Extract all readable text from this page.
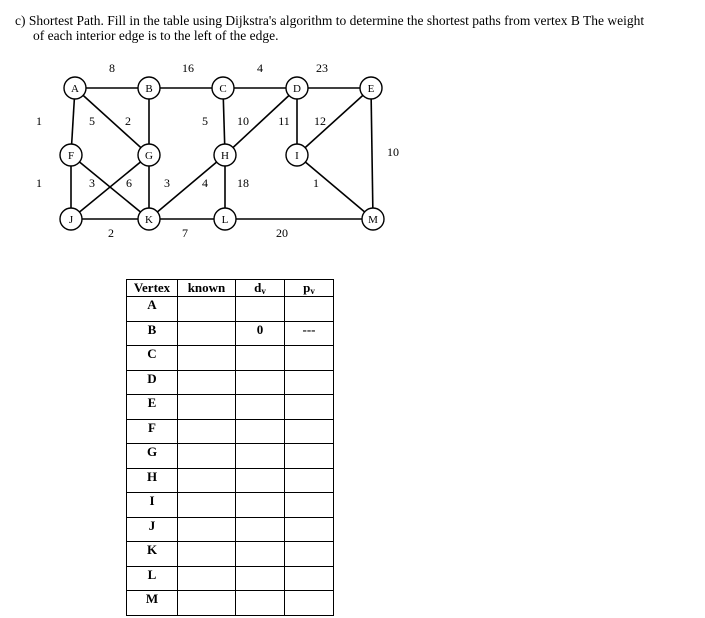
c) Shortest Path. Fill in the table using Dijkstra's algorithm to determine the shortest paths from vertex B The weight
of each interior edge is to the left of the edge.
8	16	4	23
1	5	2	5 10 11 12
10
1	3	6	3	4 18	1
2	7	20
A	B	C	D	E
F	G	H	I
J	K	L	M
Vertex	known	$d_v$	$p_v$
A			
B		0	---
C			
D			
E			
F			
G			
H			
I			
J			
K			
L			
M			
